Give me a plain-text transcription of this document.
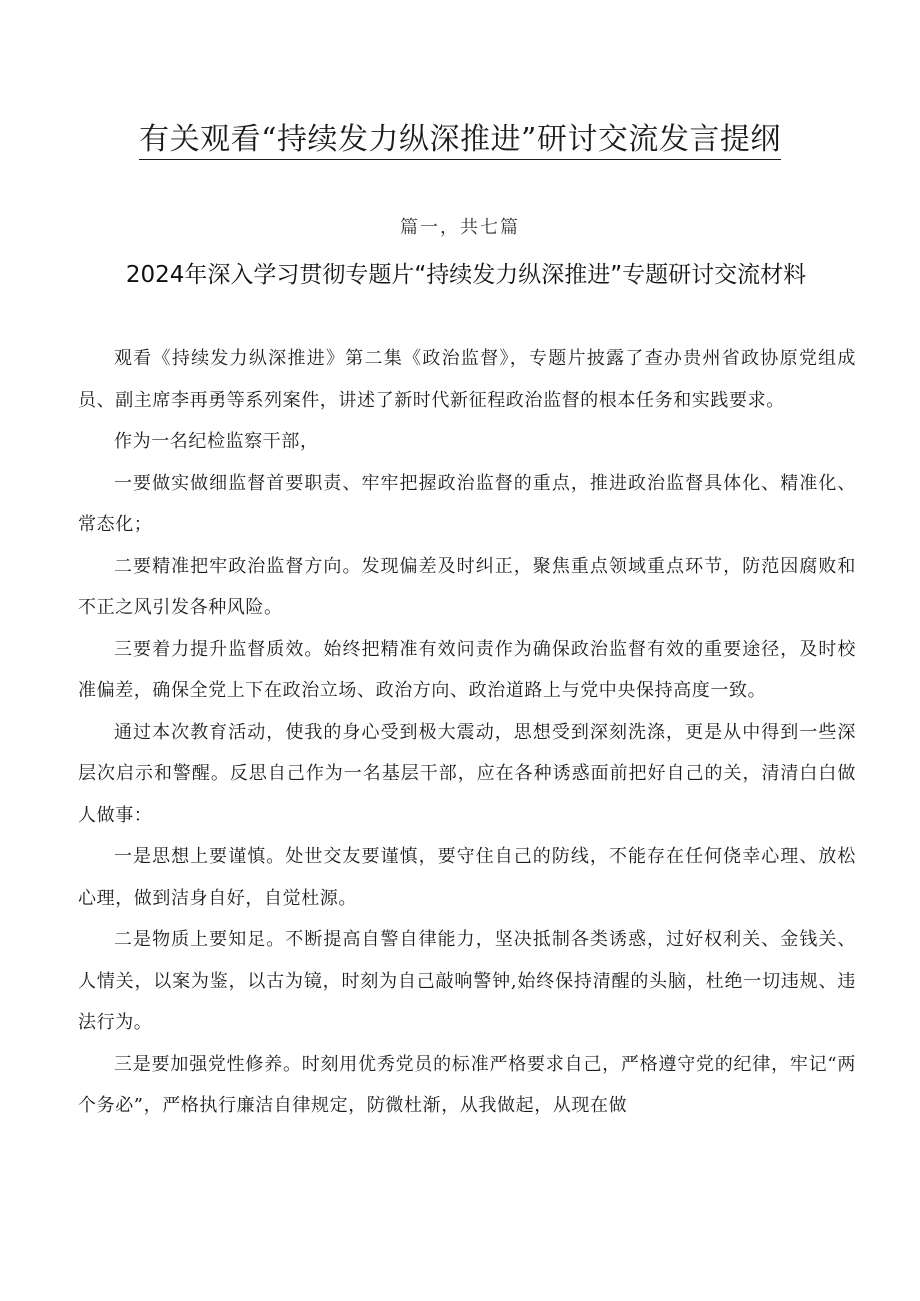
有关观看“持续发力纵深推进”研讨交流发言提纲
篇一，共七篇
2024年深入学习贯彻专题片“持续发力纵深推进”专题研讨交流材料

观看《持续发力纵深推进》第二集《政治监督》，专题片披露了查办贵州省政协原党组成员、副主席李再勇等系列案件，讲述了新时代新征程政治监督的根本任务和实践要求。

作为一名纪检监察干部，

一要做实做细监督首要职责、牢牢把握政治监督的重点，推进政治监督具体化、精准化、常态化；

二要精准把牢政治监督方向。发现偏差及时纠正，聚焦重点领域重点环节，防范因腐败和不正之风引发各种风险。

三要着力提升监督质效。始终把精准有效问责作为确保政治监督有效的重要途径，及时校准偏差，确保全党上下在政治立场、政治方向、政治道路上与党中央保持高度一致。

通过本次教育活动，使我的身心受到极大震动，思想受到深刻洗涤，更是从中得到一些深层次启示和警醒。反思自己作为一名基层干部，应在各种诱惑面前把好自己的关，清清白白做人做事：

一是思想上要谨慎。处世交友要谨慎，要守住自己的防线，不能存在任何侥幸心理、放松心理，做到洁身自好，自觉杜源。

二是物质上要知足。不断提高自警自律能力，坚决抵制各类诱惑，过好权利关、金钱关、人情关，以案为鉴，以古为镜，时刻为自己敲响警钟,始终保持清醒的头脑，杜绝一切违规、违法行为。

三是要加强党性修养。时刻用优秀党员的标准严格要求自己，严格遵守党的纪律，牢记“两个务必”，严格执行廉洁自律规定，防微杜渐，从我做起，从现在做
